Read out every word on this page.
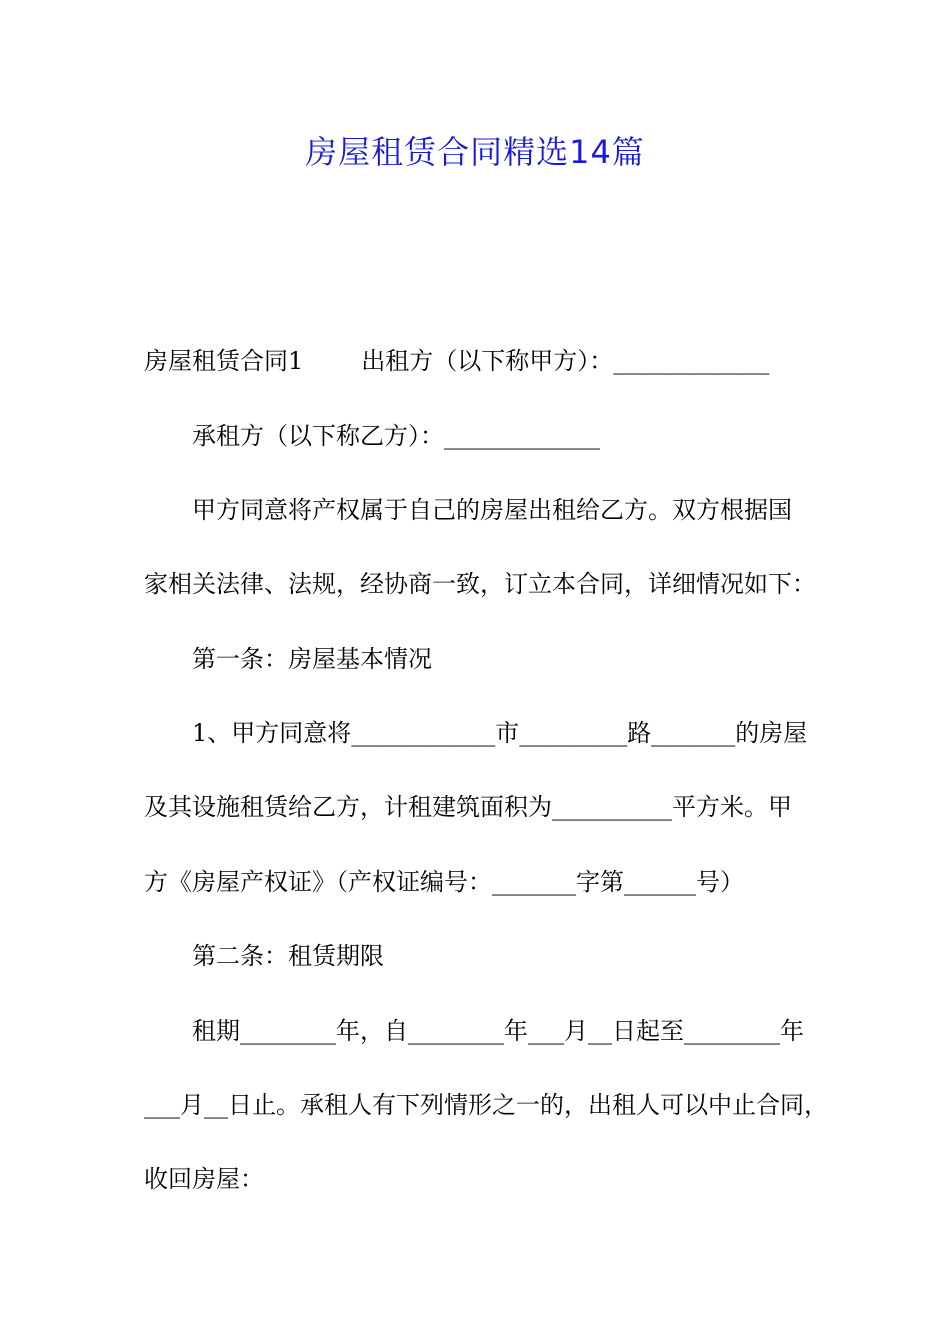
房屋租赁合同精选14篇
房屋租赁合同1 出租方（以下称甲方）：_____________
承租方（以下称乙方）：_____________
甲方同意将产权属于自己的房屋出租给乙方。双方根据国
家相关法律、法规，经协商一致，订立本合同，详细情况如下：
第一条：房屋基本情况
1、甲方同意将____________市_________路_______的房屋
及其设施租赁给乙方，计租建筑面积为__________平方米。甲
方《房屋产权证》（产权证编号：_______字第______号）
第二条：租赁期限
租期________年，自________年___月__日起至________年
___月__日止。承租人有下列情形之一的，出租人可以中止合同，
收回房屋：
